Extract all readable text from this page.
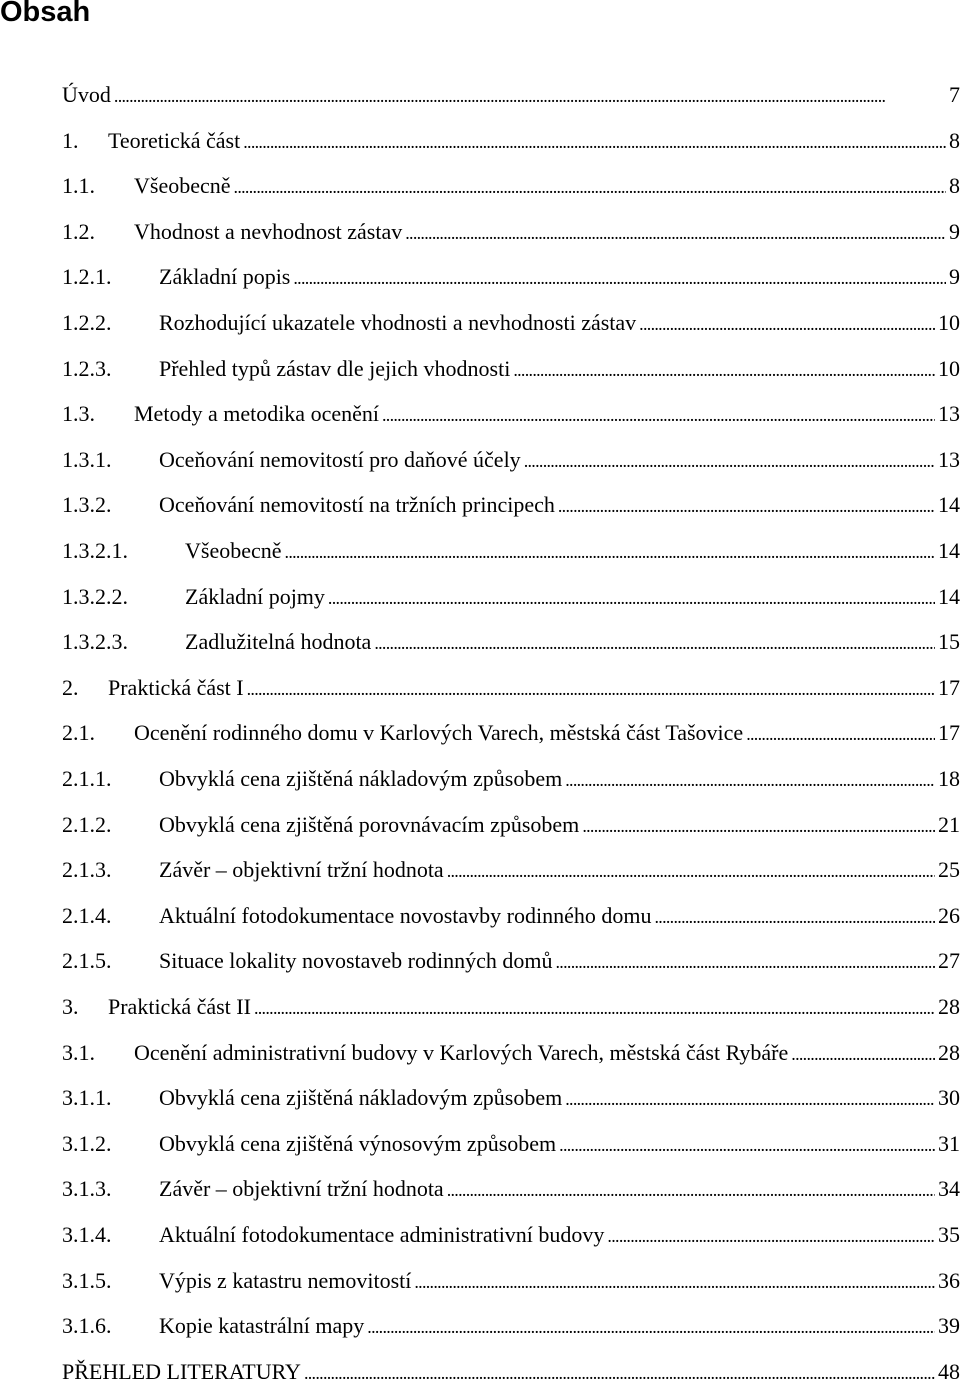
Obsah
Úvod . . .	7
1.	Teoretická část . . .	8
1.1.	Všeobecně . . .	8
1.2.	Vhodnost a nevhodnost zástav . . .	9
1.2.1.	Základní popis . . .	9
1.2.2.	Rozhodující ukazatele vhodnosti a nevhodnosti zástav . . .	10
1.2.3.	Přehled typů zástav dle jejich vhodnosti . . .	10
1.3.	Metody a metodika ocenění . . .	13
1.3.1.	Oceňování nemovitostí pro daňové účely . . .	13
1.3.2.	Oceňování nemovitostí na tržních principech . . .	14
1.3.2.1.	Všeobecně . . .	14
1.3.2.2.	Základní pojmy . . .	14
1.3.2.3.	Zadlužitelná hodnota . . .	15
2.	Praktická část I . . .	17
2.1.	Ocenění rodinného domu v Karlových Varech, městská část Tašovice . . .	17
2.1.1.	Obvyklá cena zjištěná nákladovým způsobem . . .	18
2.1.2.	Obvyklá cena zjištěná porovnávacím způsobem . . .	21
2.1.3.	Závěr – objektivní tržní hodnota . . .	25
2.1.4.	Aktuální fotodokumentace novostavby rodinného domu . . .	26
2.1.5.	Situace lokality novostaveb rodinných domů . . .	27
3.	Praktická část II . . .	28
3.1.	Ocenění administrativní budovy v Karlových Varech, městská část Rybáře . . .	28
3.1.1.	Obvyklá cena zjištěná nákladovým způsobem . . .	30
3.1.2.	Obvyklá cena zjištěná výnosovým způsobem . . .	31
3.1.3.	Závěr – objektivní tržní hodnota . . .	34
3.1.4.	Aktuální fotodokumentace administrativní budovy . . .	35
3.1.5.	Výpis z katastru nemovitostí . . .	36
3.1.6.	Kopie katastrální mapy . . .	39
PŘEHLED LITERATURY . . .	48
